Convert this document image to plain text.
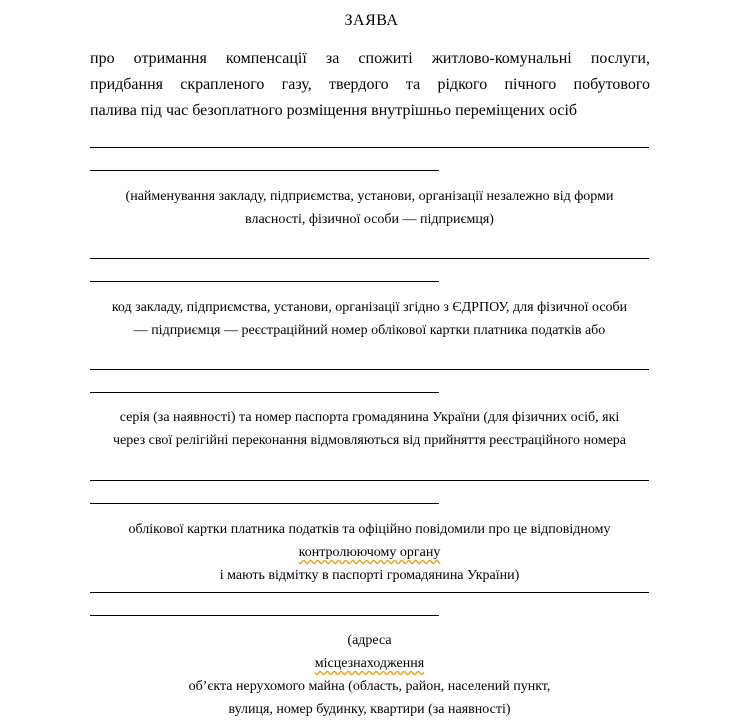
ЗАЯВА
про отримання компенсації за спожиті житлово-комунальні послуги,
придбання скрапленого газу, твердого та рідкого пічного побутового
палива під час безоплатного розміщення внутрішньо переміщених осіб
(найменування закладу, підприємства, установи, організації незалежно від форми
власності, фізичної особи — підприємця)
код закладу, підприємства, установи, організації згідно з ЄДРПОУ, для фізичної особи
— підприємця — реєстраційний номер облікової картки платника податків або
серія (за наявності) та номер паспорта громадянина України (для фізичних осіб, які
через свої релігійні переконання відмовляються від прийняття реєстраційного номера
облікової картки платника податків та офіційно повідомили про це відповідному
контролюючому органу
і мають відмітку в паспорті громадянина України)
(адреса
місцезнаходження
об’єкта нерухомого майна (область, район, населений пункт,
вулиця, номер будинку, квартири (за наявності)
